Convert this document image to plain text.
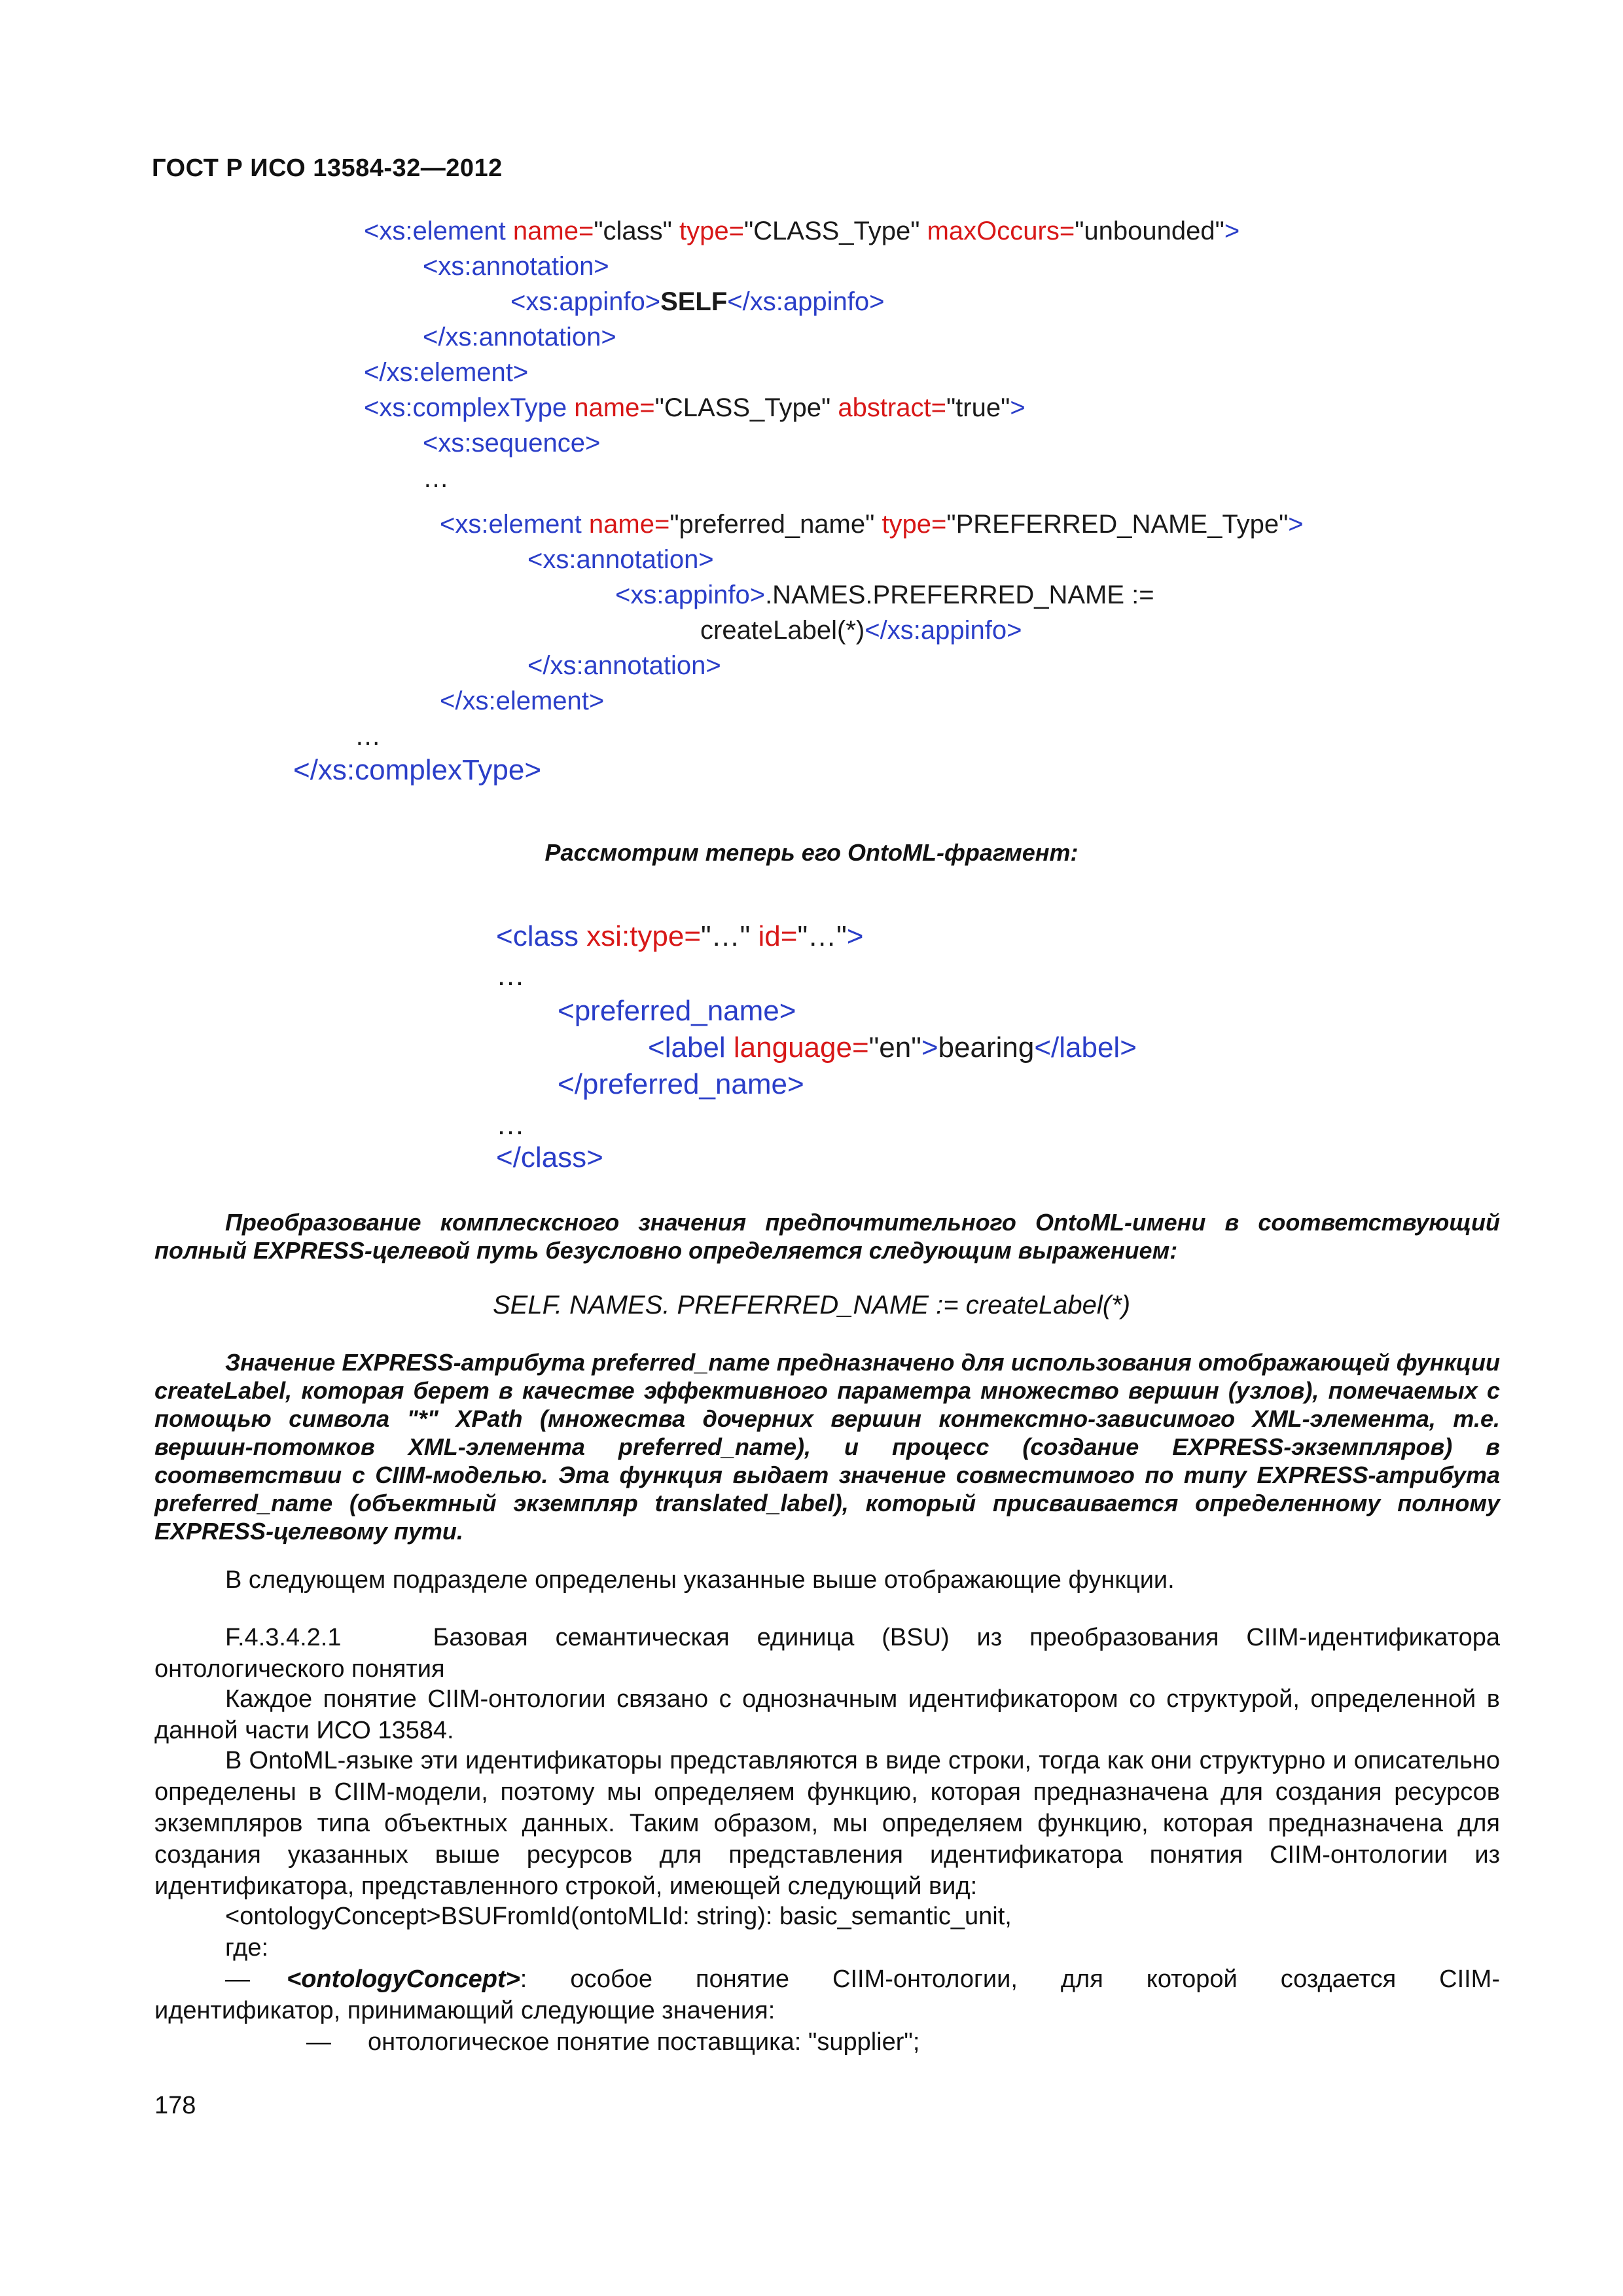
ГОСТ Р ИСО 13584-32—2012

<xs:element name="class" type="CLASS_Type" maxOccurs="unbounded">

<xs:annotation>

<xs:appinfo>SELF</xs:appinfo>

</xs:annotation>

</xs:element>

<xs:complexType name="CLASS_Type" abstract="true">

<xs:sequence>

…

<xs:element name="preferred_name" type="PREFERRED_NAME_Type">

<xs:annotation>

<xs:appinfo>.NAMES.PREFERRED_NAME :=

createLabel(*)</xs:appinfo>

</xs:annotation>

</xs:element>

…

</xs:complexType>

Рассмотрим теперь его OntoML-фрагмент:

<class xsi:type="…" id="…">

…

<preferred_name>

<label language="en">bearing</label>

</preferred_name>

…

</class>

Преобразование комплесксного значения предпочтительного OntoML-имени в соответствующий полный EXPRESS-целевой путь безусловно определяется следующим выражением:
SELF. NAMES. PREFERRED_NAME := createLabel(*)
Значение EXPRESS-атрибута preferred_name предназначено для использования отображающей функции createLabel, которая берет в качестве эффективного параметра множество вершин (узлов), помечаемых с помощью символа "*" XPath (множества дочерних вершин контекстно-зависимого XML-элемента, т.е. вершин-потомков XML-элемента preferred_name), и процесс (создание EXPRESS-экземпляров) в соответствии с CIIM-моделью. Эта функция выдает значение совместимого по типу EXPRESS-атрибута preferred_name (объектный экземпляр translated_label), который присваивается определенному полному EXPRESS-целевому пути.
В следующем подразделе определены указанные выше отображающие функции.
F.4.3.4.2.1	Базовая семантическая единица (BSU) из преобразования CIIM-идентификатора
онтологического понятия
Каждое понятие CIIM-онтологии связано с однозначным идентификатором со структурой, определенной в данной части ИСО 13584.
В OntoML-языке эти идентификаторы представляются в виде строки, тогда как они структурно и описательно определены в CIIM-модели, поэтому мы определяем функцию, которая предназначена для создания ресурсов экземпляров типа объектных данных. Таким образом, мы определяем функцию, которая предназначена для создания указанных выше ресурсов для представления идентификатора понятия CIIM-онтологии из идентификатора, представленного строкой, имеющей следующий вид:
<ontologyConcept>BSUFromId(ontoMLId: string): basic_semantic_unit,
где:
—	<ontologyConcept>: особое понятие CIIM-онтологии, для которой создается CIIM-
идентификатор, принимающий следующие значения:
—	онтологическое понятие поставщика: "supplier";
178
